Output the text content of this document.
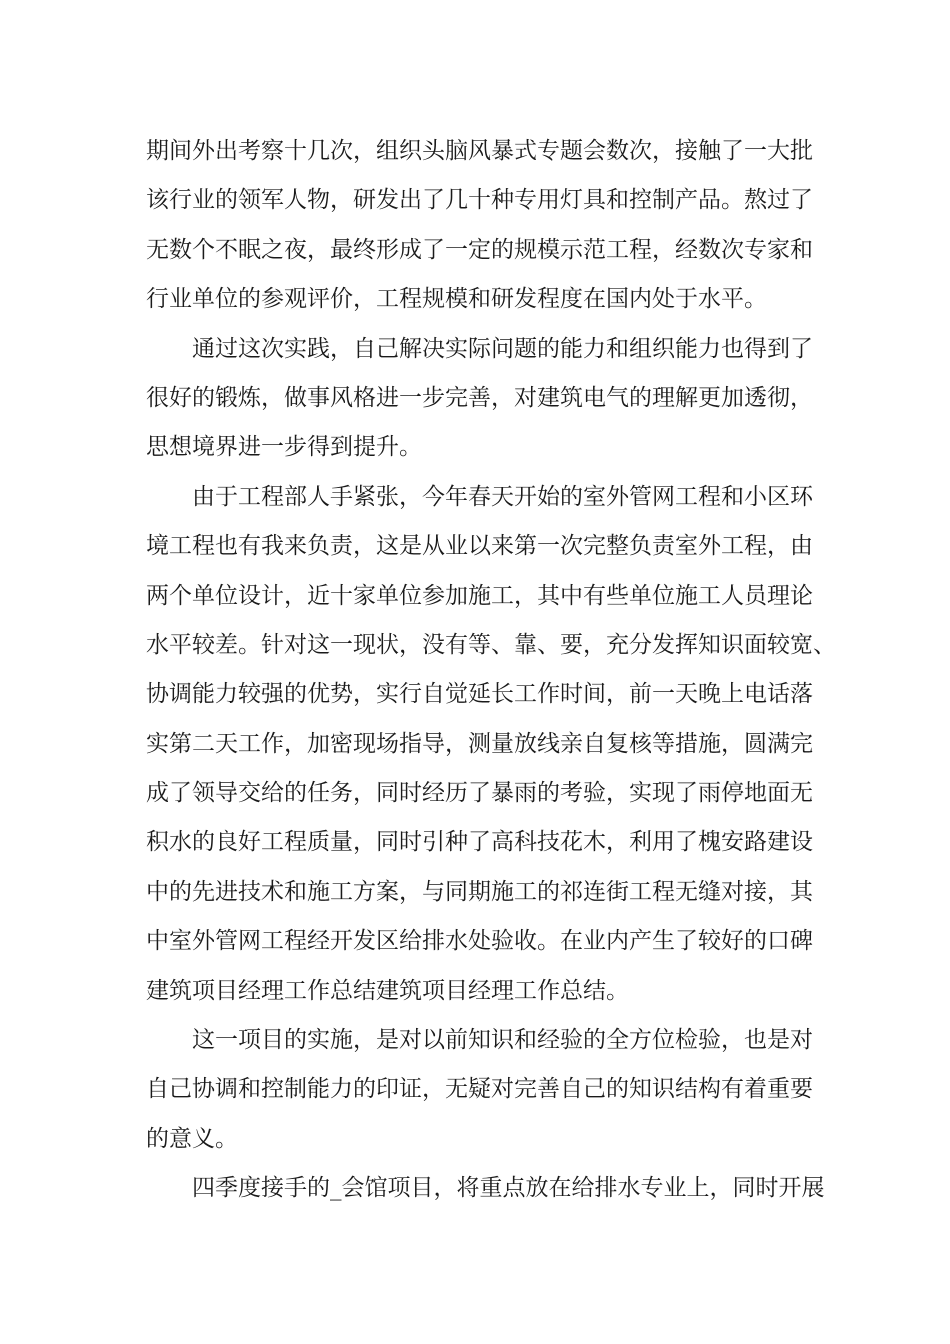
期间外出考察十几次，组织头脑风暴式专题会数次，接触了一大批
该行业的领军人物，研发出了几十种专用灯具和控制产品。熬过了
无数个不眠之夜，最终形成了一定的规模示范工程，经数次专家和
行业单位的参观评价，工程规模和研发程度在国内处于水平。
通过这次实践，自己解决实际问题的能力和组织能力也得到了
很好的锻炼，做事风格进一步完善，对建筑电气的理解更加透彻，
思想境界进一步得到提升。
由于工程部人手紧张，今年春天开始的室外管网工程和小区环
境工程也有我来负责，这是从业以来第一次完整负责室外工程，由
两个单位设计，近十家单位参加施工，其中有些单位施工人员理论
水平较差。针对这一现状，没有等、靠、要，充分发挥知识面较宽、
协调能力较强的优势，实行自觉延长工作时间，前一天晚上电话落
实第二天工作，加密现场指导，测量放线亲自复核等措施，圆满完
成了领导交给的任务，同时经历了暴雨的考验，实现了雨停地面无
积水的良好工程质量，同时引种了高科技花木，利用了槐安路建设
中的先进技术和施工方案，与同期施工的祁连街工程无缝对接，其
中室外管网工程经开发区给排水处验收。在业内产生了较好的口碑
建筑项目经理工作总结建筑项目经理工作总结。
这一项目的实施，是对以前知识和经验的全方位检验，也是对
自己协调和控制能力的印证，无疑对完善自己的知识结构有着重要
的意义。
四季度接手的_会馆项目，将重点放在给排水专业上，同时开展
